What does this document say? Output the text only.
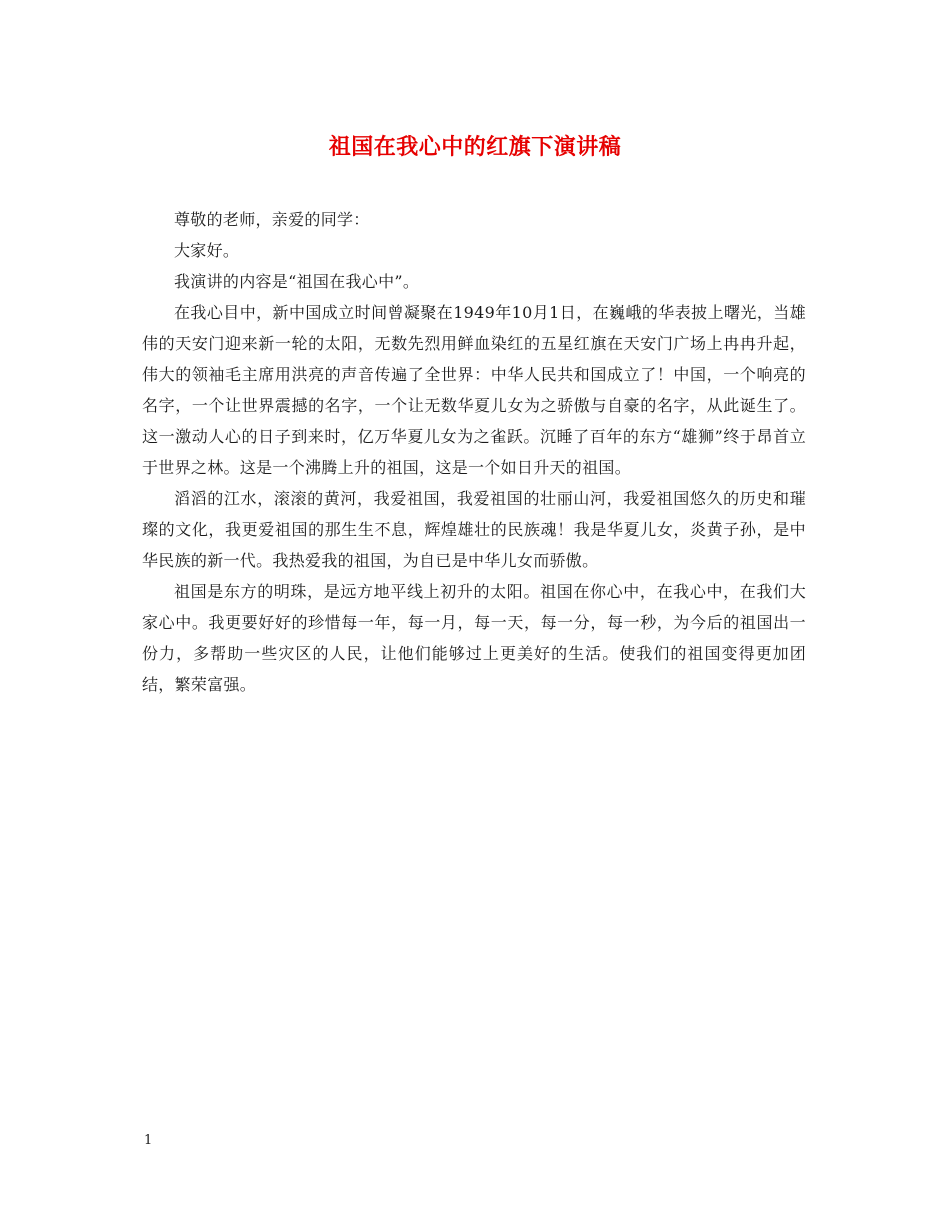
祖国在我心中的红旗下演讲稿

尊敬的老师，亲爱的同学：

大家好。

我演讲的内容是“祖国在我心中”。

在我心目中，新中国成立时间曾凝聚在1949年10月1日，在巍峨的华表披上曙光，当雄伟的天安门迎来新一轮的太阳，无数先烈用鲜血染红的五星红旗在天安门广场上冉冉升起，伟大的领袖毛主席用洪亮的声音传遍了全世界：中华人民共和国成立了！中国，一个响亮的名字，一个让世界震撼的名字，一个让无数华夏儿女为之骄傲与自豪的名字，从此诞生了。这一激动人心的日子到来时，亿万华夏儿女为之雀跃。沉睡了百年的东方“雄狮”终于昂首立于世界之林。这是一个沸腾上升的祖国，这是一个如日升天的祖国。

滔滔的江水，滚滚的黄河，我爱祖国，我爱祖国的壮丽山河，我爱祖国悠久的历史和璀璨的文化，我更爱祖国的那生生不息，辉煌雄壮的民族魂！我是华夏儿女，炎黄子孙，是中华民族的新一代。我热爱我的祖国，为自已是中华儿女而骄傲。

祖国是东方的明珠，是远方地平线上初升的太阳。祖国在你心中，在我心中，在我们大家心中。我更要好好的珍惜每一年，每一月，每一天，每一分，每一秒，为今后的祖国出一份力，多帮助一些灾区的人民，让他们能够过上更美好的生活。使我们的祖国变得更加团结，繁荣富强。

1
